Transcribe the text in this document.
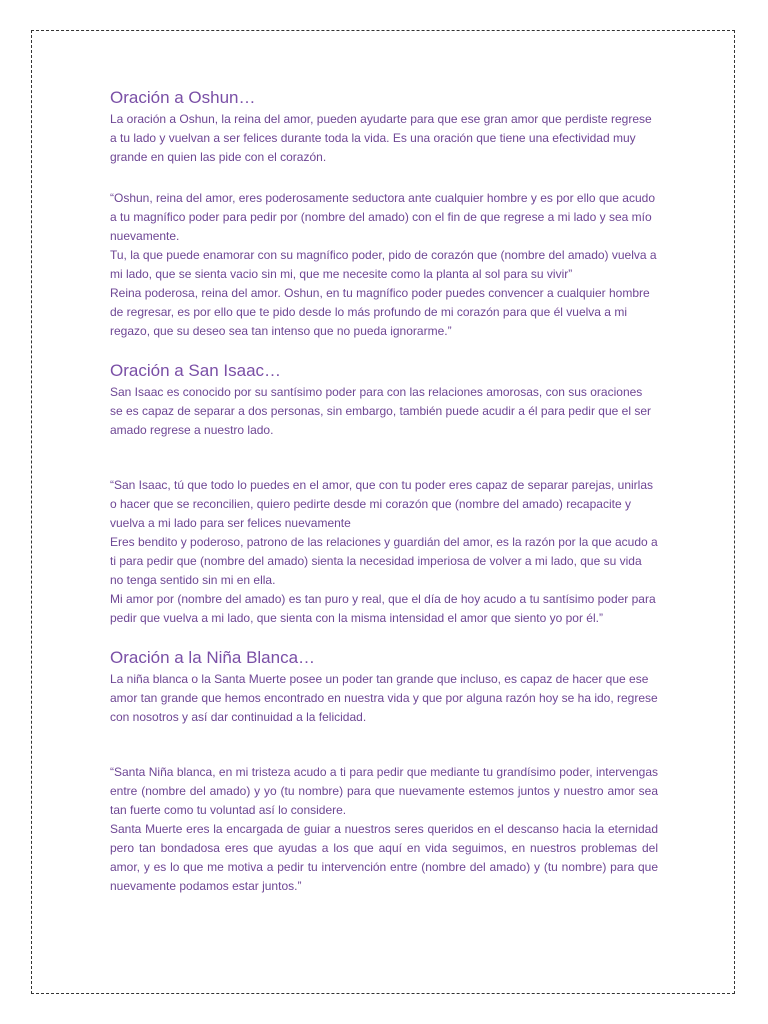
Oración a Oshun…

La oración a Oshun, la reina del amor, pueden ayudarte para que ese gran amor que perdiste regrese a tu lado y vuelvan a ser felices durante toda la vida. Es una oración que tiene una efectividad muy grande en quien las pide con el corazón.

“Oshun, reina del amor, eres poderosamente seductora ante cualquier hombre y es por ello que acudo a tu magnífico poder para pedir por (nombre del amado) con el fin de que regrese a mi lado y sea mío nuevamente.

Tu, la que puede enamorar con su magnífico poder, pido de corazón que (nombre del amado) vuelva a mi lado, que se sienta vacio sin mi, que me necesite como la planta al sol para su vivir”

Reina poderosa, reina del amor. Oshun, en tu magnífico poder puedes convencer a cualquier hombre de regresar, es por ello que te pido desde lo más profundo de mi corazón para que él vuelva a mi regazo, que su deseo sea tan intenso que no pueda ignorarme.”

Oración a San Isaac…

San Isaac es conocido por su santísimo poder para con las relaciones amorosas, con sus oraciones se es capaz de separar a dos personas, sin embargo, también puede acudir a él para pedir que el ser amado regrese a nuestro lado.

“San Isaac, tú que todo lo puedes en el amor, que con tu poder eres capaz de separar parejas, unirlas o hacer que se reconcilien, quiero pedirte desde mi corazón que (nombre del amado) recapacite y vuelva a mi lado para ser felices nuevamente

Eres bendito y poderoso, patrono de las relaciones y guardián del amor, es la razón por la que acudo a ti para pedir que (nombre del amado) sienta la necesidad imperiosa de volver a mi lado, que su vida no tenga sentido sin mi en ella.

Mi amor por (nombre del amado) es tan puro y real, que el día de hoy acudo a tu santísimo poder para pedir que vuelva a mi lado, que sienta con la misma intensidad el amor que siento yo por él.”

Oración a la Niña Blanca…

La niña blanca o la Santa Muerte posee un poder tan grande que incluso, es capaz de hacer que ese amor tan grande que hemos encontrado en nuestra vida y que por alguna razón hoy se ha ido, regrese con nosotros y así dar continuidad a la felicidad.

“Santa Niña blanca, en mi tristeza acudo a ti para pedir que mediante tu grandísimo poder, intervengas entre (nombre del amado) y yo (tu nombre) para que nuevamente estemos juntos y nuestro amor sea tan fuerte como tu voluntad así lo considere.

Santa Muerte eres la encargada de guiar a nuestros seres queridos en el descanso hacia la eternidad pero tan bondadosa eres que ayudas a los que aquí en vida seguimos, en nuestros problemas del amor, y es lo que me motiva a pedir tu intervención entre (nombre del amado) y (tu nombre) para que nuevamente podamos estar juntos.”
